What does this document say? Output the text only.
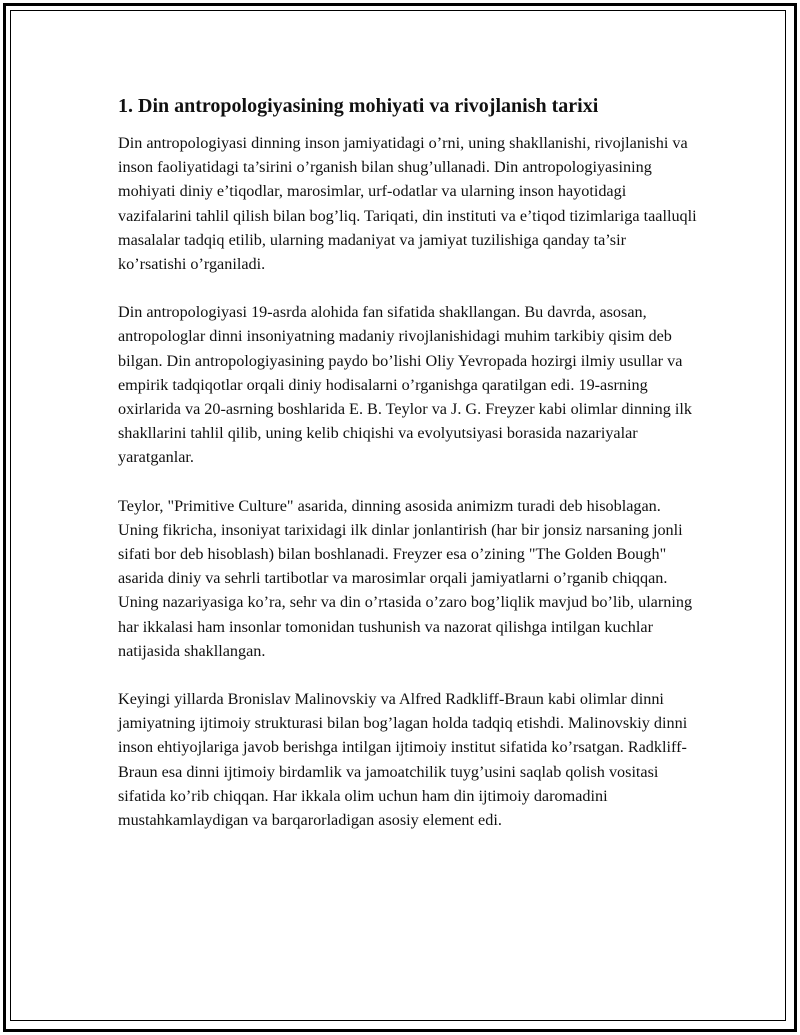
1. Din antropologiyasining mohiyati va rivojlanish tarixi

Din antropologiyasi dinning inson jamiyatidagi o’rni, uning shakllanishi, rivojlanishi va inson faoliyatidagi ta’sirini o’rganish bilan shug’ullanadi. Din antropologiyasining mohiyati diniy e’tiqodlar, marosimlar, urf-odatlar va ularning inson hayotidagi vazifalarini tahlil qilish bilan bog’liq. Tariqati, din instituti va e’tiqod tizimlariga taalluqli masalalar tadqiq etilib, ularning madaniyat va jamiyat tuzilishiga qanday ta’sir ko’rsatishi o’rganiladi.

Din antropologiyasi 19-asrda alohida fan sifatida shakllangan. Bu davrda, asosan, antropologlar dinni insoniyatning madaniy rivojlanishidagi muhim tarkibiy qisim deb bilgan. Din antropologiyasining paydo bo’lishi Oliy Yevropada hozirgi ilmiy usullar va empirik tadqiqotlar orqali diniy hodisalarni o’rganishga qaratilgan edi. 19-asrning oxirlarida va 20-asrning boshlarida E. B. Teylor va J. G. Freyzer kabi olimlar dinning ilk shakllarini tahlil qilib, uning kelib chiqishi va evolyutsiyasi borasida nazariyalar yaratganlar.

Teylor, "Primitive Culture" asarida, dinning asosida animizm turadi deb hisoblagan. Uning fikricha, insoniyat tarixidagi ilk dinlar jonlantirish (har bir jonsiz narsaning jonli sifati bor deb hisoblash) bilan boshlanadi. Freyzer esa o’zining "The Golden Bough" asarida diniy va sehrli tartibotlar va marosimlar orqali jamiyatlarni o’rganib chiqqan. Uning nazariyasiga ko’ra, sehr va din o’rtasida o’zaro bog’liqlik mavjud bo’lib, ularning har ikkalasi ham insonlar tomonidan tushunish va nazorat qilishga intilgan kuchlar natijasida shakllangan.

Keyingi yillarda Bronislav Malinovskiy va Alfred Radkliff-Braun kabi olimlar dinni jamiyatning ijtimoiy strukturasi bilan bog’lagan holda tadqiq etishdi. Malinovskiy dinni inson ehtiyojlariga javob berishga intilgan ijtimoiy institut sifatida ko’rsatgan. Radkliff-Braun esa dinni ijtimoiy birdamlik va jamoatchilik tuyg’usini saqlab qolish vositasi sifatida ko’rib chiqqan. Har ikkala olim uchun ham din ijtimoiy daromadini mustahkamlaydigan va barqarorladigan asosiy element edi.
